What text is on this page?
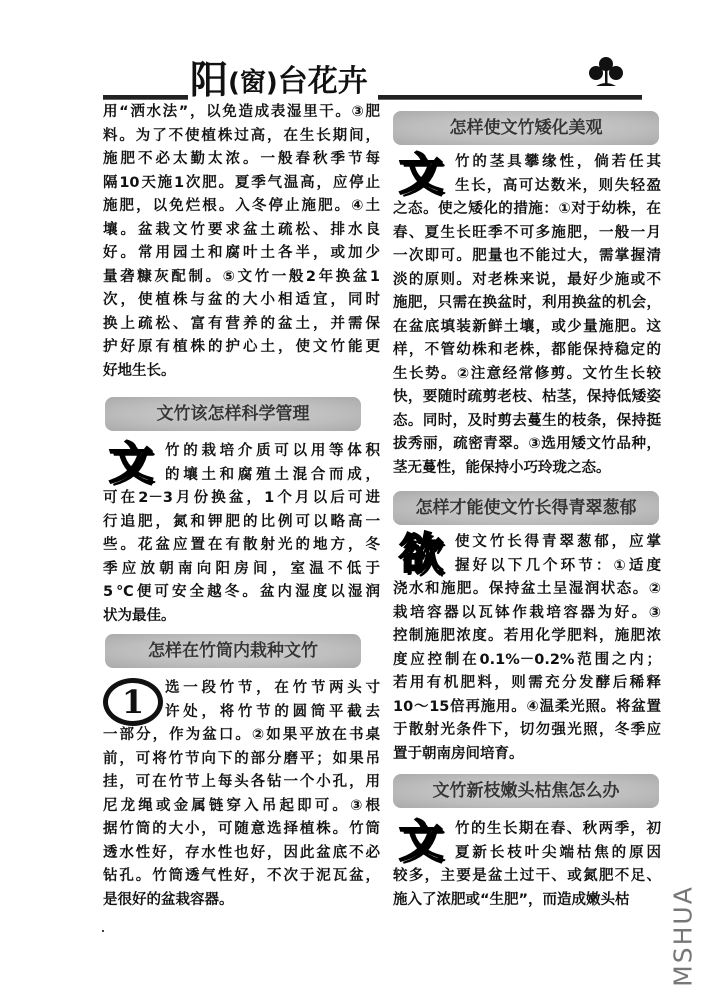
阳 (窗) 台花卉
用“洒水法”，以免造成表湿里干。③肥
料。为了不使植株过高，在生长期间，
施肥不必太勤太浓。一般春秋季节每
隔10天施1次肥。夏季气温高，应停止
施肥，以免烂根。入冬停止施肥。④土
壤。盆栽文竹要求盆土疏松、排水良
好。常用园土和腐叶土各半，或加少
量砻糠灰配制。⑤文竹一般2年换盆1
次，使植株与盆的大小相适宜，同时
换上疏松、富有营养的盆土，并需保
护好原有植株的护心土，使文竹能更
好地生长。
文竹该怎样科学管理
文 竹的栽培介质可以用等体积
的壤土和腐殖土混合而成，
可在2－3月份换盆，1个月以后可进
行追肥，氮和钾肥的比例可以略高一
些。花盆应置在有散射光的地方，冬
季应放朝南向阳房间，室温不低于
5℃便可安全越冬。盆内湿度以湿润
状为最佳。
怎样在竹筒内栽种文竹
1	选一段竹节，在竹节两头寸
许处，将竹节的圆筒平截去
一部分，作为盆口。②如果平放在书桌
前，可将竹节向下的部分磨平；如果吊
挂，可在竹节上每头各钻一个小孔，用
尼龙绳或金属链穿入吊起即可。③根
据竹筒的大小，可随意选择植株。竹筒
透水性好，存水性也好，因此盆底不必
钻孔。竹筒透气性好，不次于泥瓦盆，
是很好的盆栽容器。
怎样使文竹矮化美观
文 竹的茎具攀缘性，倘若任其
生长，高可达数米，则失轻盈
之态。使之矮化的措施：①对于幼株，在
春、夏生长旺季不可多施肥，一般一月
一次即可。肥量也不能过大，需掌握清
淡的原则。对老株来说，最好少施或不
施肥，只需在换盆时，利用换盆的机会，
在盆底填装新鲜土壤，或少量施肥。这
样，不管幼株和老株，都能保持稳定的
生长势。②注意经常修剪。文竹生长较
快，要随时疏剪老枝、枯茎，保持低矮姿
态。同时，及时剪去蔓生的枝条，保持挺
拔秀丽，疏密青翠。③选用矮文竹品种，
茎无蔓性，能保持小巧玲珑之态。
怎样才能使文竹长得青翠葱郁
欲 使文竹长得青翠葱郁，应掌
握好以下几个环节：①适度
浇水和施肥。保持盆土呈湿润状态。②
栽培容器以瓦钵作栽培容器为好。③
控制施肥浓度。若用化学肥料，施肥浓
度应控制在0.1%－0.2%范围之内；
若用有机肥料，则需充分发酵后稀释
10～15倍再施用。④温柔光照。将盆置
于散射光条件下，切勿强光照，冬季应
置于朝南房间培育。
文竹新枝嫩头枯焦怎么办
文 竹的生长期在春、秋两季，初
夏新长枝叶尖端枯焦的原因
较多，主要是盆土过干、或氮肥不足、
施入了浓肥或“生肥”，而造成嫩头枯	MSHUA
